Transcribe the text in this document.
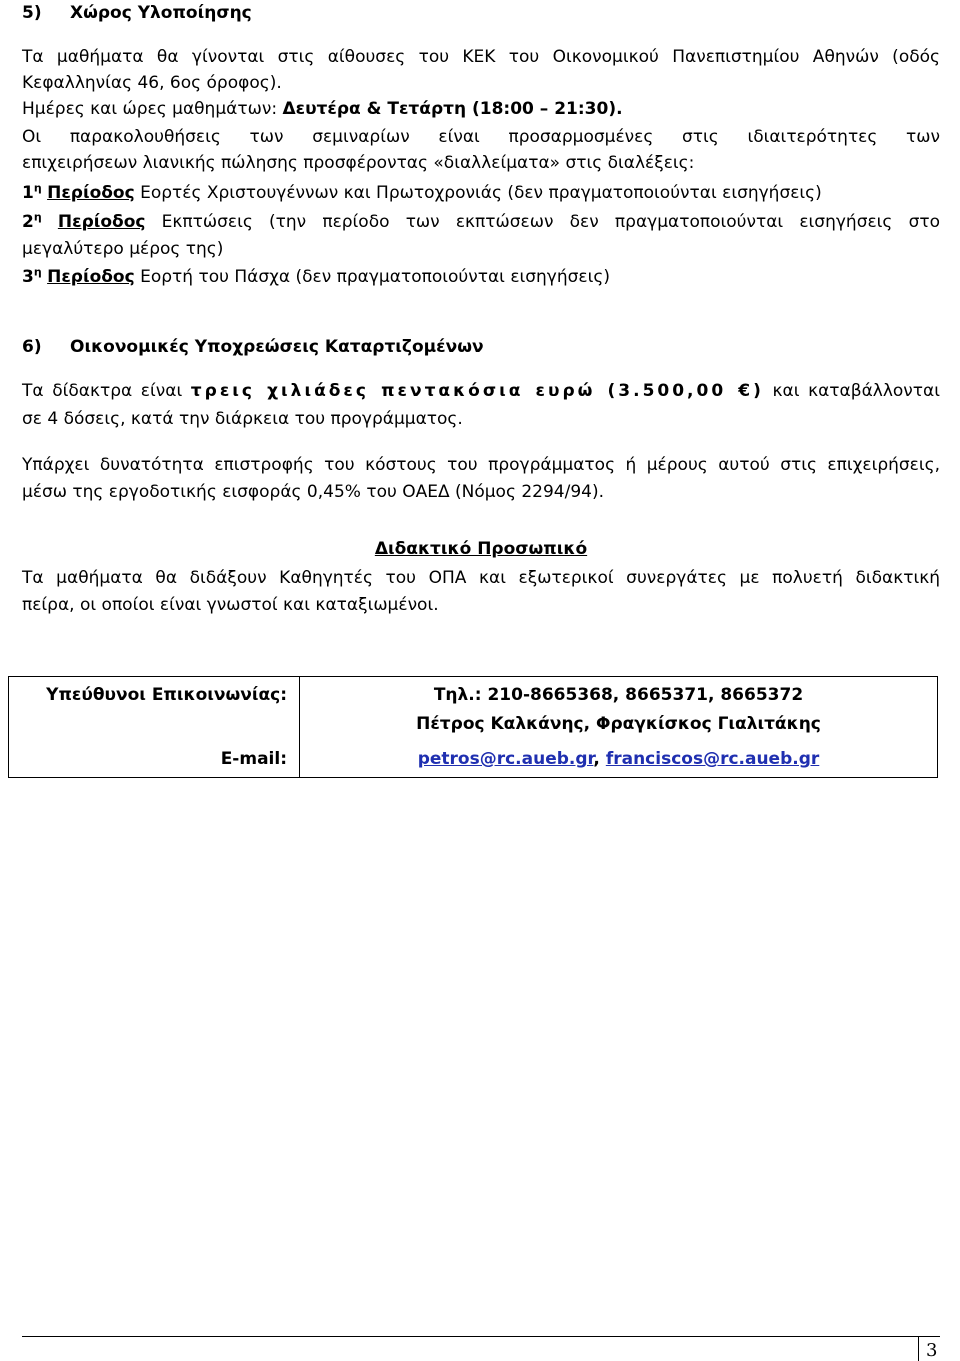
5) Χώρος Υλοποίησης
Τα μαθήματα θα γίνονται στις αίθουσες του ΚΕΚ του Οικονομικού Πανεπιστημίου Αθηνών (οδός
Κεφαλληνίας 46, 6ος όροφος).
Ημέρες και ώρες μαθημάτων: Δευτέρα & Τετάρτη (18:00 – 21:30).
Οι παρακολουθήσεις των σεμιναρίων είναι προσαρμοσμένες στις ιδιαιτερότητες των
επιχειρήσεων λιανικής πώλησης προσφέροντας «διαλλείματα» στις διαλέξεις:
$1^\eta$ Περίοδος Εορτές Χριστουγέννων και Πρωτοχρονιάς (δεν πραγματοποιούνται εισηγήσεις)
$2^\eta$ Περίοδος Εκπτώσεις (την περίοδο των εκπτώσεων δεν πραγματοποιούνται εισηγήσεις στο
μεγαλύτερο μέρος της)
$3^\eta$ Περίοδος Εορτή του Πάσχα (δεν πραγματοποιούνται εισηγήσεις)
6) Οικονομικές Υποχρεώσεις Καταρτιζομένων
Τα δίδακτρα είναι τρεις χιλιάδες πεντακόσια ευρώ (3.500,00 €) και καταβάλλονται
σε 4 δόσεις, κατά την διάρκεια του προγράμματος.
Υπάρχει δυνατότητα επιστροφής του κόστους του προγράμματος ή μέρους αυτού στις επιχειρήσεις,
μέσω της εργοδοτικής εισφοράς 0,45% του ΟΑΕΔ (Νόμος 2294/94).
Διδακτικό Προσωπικό
Τα μαθήματα θα διδάξουν Καθηγητές του ΟΠΑ και εξωτερικοί συνεργάτες με πολυετή διδακτική
πείρα, οι οποίοι είναι γνωστοί και καταξιωμένοι.
Υπεύθυνοι Επικοινωνίας:	Τηλ.: 210-8665368, 8665371, 8665372
Πέτρος Καλκάνης, Φραγκίσκος Γιαλιτάκης

E-mail:	petros@rc.aueb.gr, franciscos@rc.aueb.gr
3
